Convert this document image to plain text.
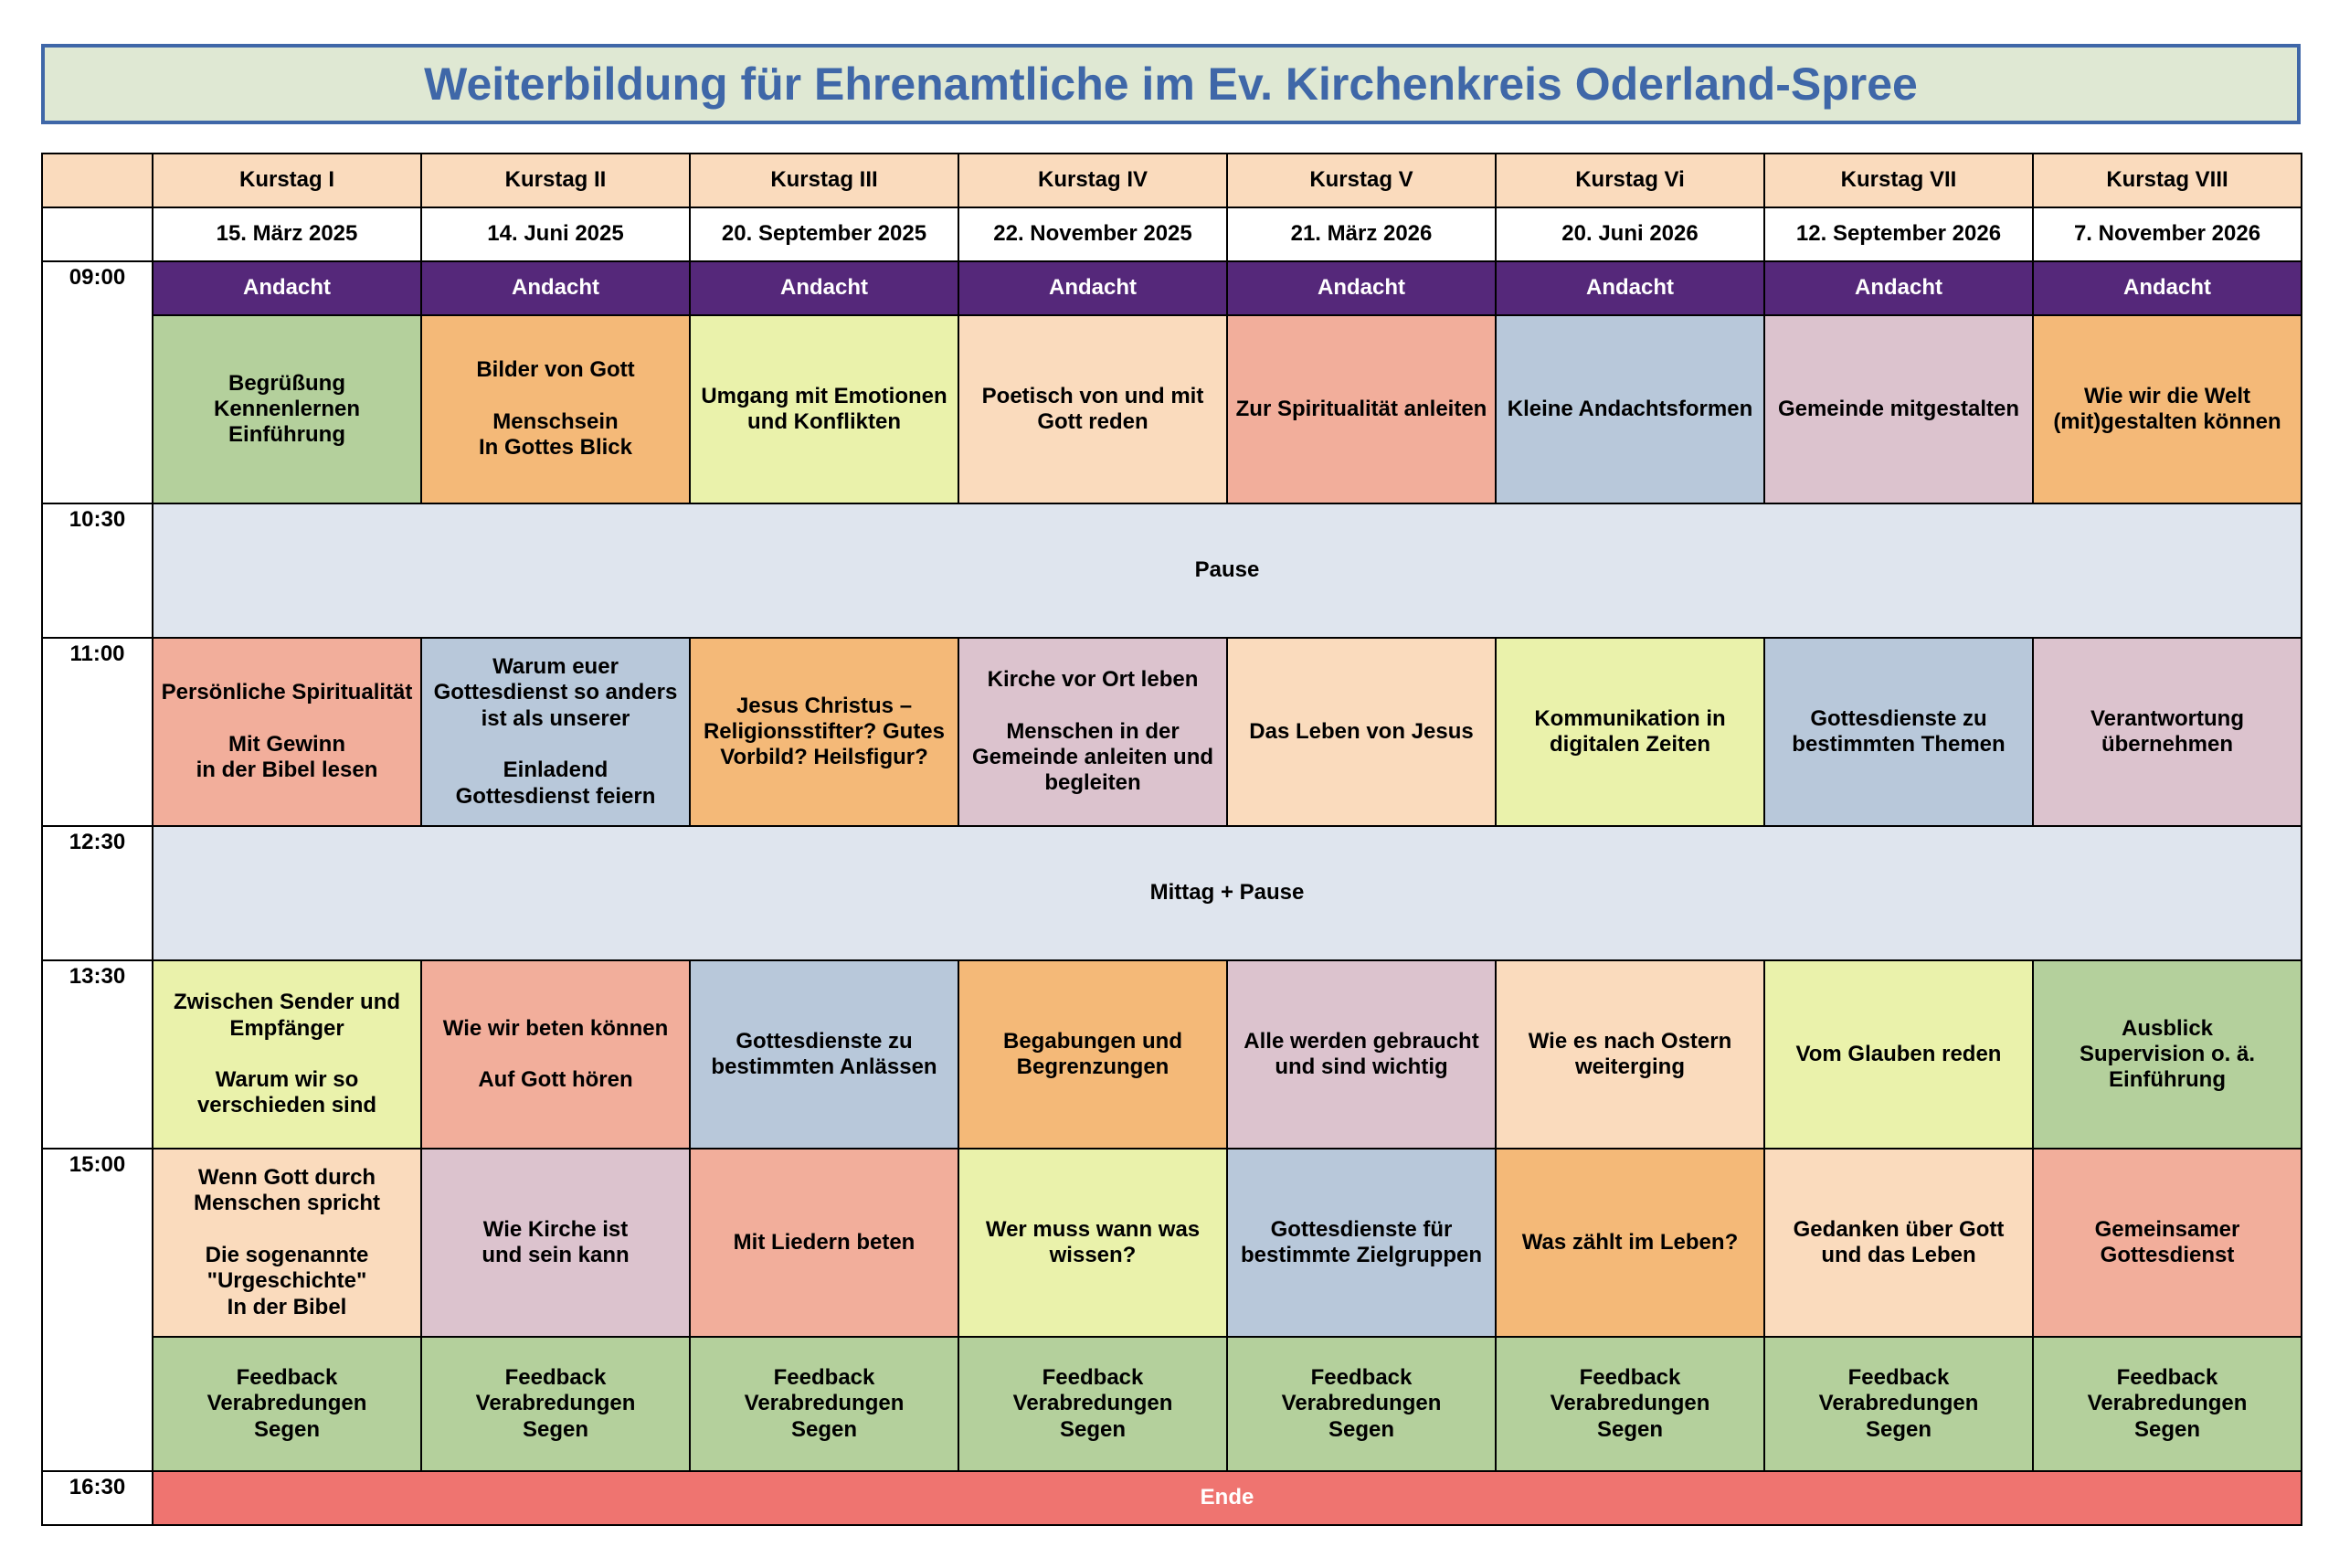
Weiterbildung für Ehrenamtliche im Ev. Kirchenkreis Oderland-Spree
	Kurstag I	Kurstag II	Kurstag III	Kurstag IV	Kurstag V	Kurstag Vi	Kurstag VII	Kurstag VIII
	15. März 2025	14. Juni 2025	20. September 2025	22. November 2025	21. März 2026	20. Juni 2026	12. September 2026	7. November 2026
09:00	Andacht	Andacht	Andacht	Andacht	Andacht	Andacht	Andacht	Andacht
	Begrüßung
Kennenlernen
Einführung	Bilder von Gott

Menschsein
In Gottes Blick	Umgang mit Emotionen
und Konflikten	Poetisch von und mit
Gott reden	Zur Spiritualität anleiten	Kleine Andachtsformen	Gemeinde mitgestalten	Wie wir die Welt
(mit)gestalten können
10:30	Pause							
11:00	Persönliche Spiritualität

Mit Gewinn
in der Bibel lesen	Warum euer
Gottesdienst so anders
ist als unserer

Einladend
Gottesdienst feiern	Jesus Christus –
Religionsstifter? Gutes
Vorbild? Heilsfigur?	Kirche vor Ort leben

Menschen in der
Gemeinde anleiten und
begleiten	Das Leben von Jesus	Kommunikation in
digitalen Zeiten	Gottesdienste zu
bestimmten Themen	Verantwortung
übernehmen
12:30	Mittag + Pause							
13:30	Zwischen Sender und
Empfänger

Warum wir so
verschieden sind	Wie wir beten können

Auf Gott hören	Gottesdienste zu
bestimmten Anlässen	Begabungen und
Begrenzungen	Alle werden gebraucht
und sind wichtig	Wie es nach Ostern
weiterging	Vom Glauben reden	Ausblick
Supervision o. ä.
Einführung
15:00	Wenn Gott durch
Menschen spricht

Die sogenannte
"Urgeschichte"
In der Bibel	Wie Kirche ist
und sein kann	Mit Liedern beten	Wer muss wann was
wissen?	Gottesdienste für
bestimmte Zielgruppen	Was zählt im Leben?	Gedanken über Gott
und das Leben	Gemeinsamer
Gottesdienst
	Feedback
Verabredungen
Segen	Feedback
Verabredungen
Segen	Feedback
Verabredungen
Segen	Feedback
Verabredungen
Segen	Feedback
Verabredungen
Segen	Feedback
Verabredungen
Segen	Feedback
Verabredungen
Segen	Feedback
Verabredungen
Segen
16:30	Ende							
